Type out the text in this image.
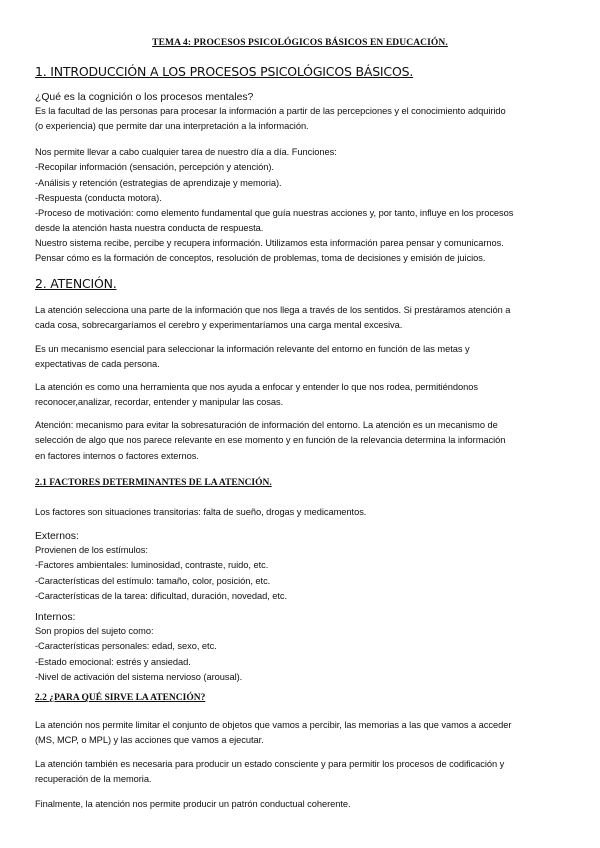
TEMA 4: PROCESOS PSICOLÓGICOS BÁSICOS EN EDUCACIÓN.
1. INTRODUCCIÓN A LOS PROCESOS PSICOLÓGICOS BÁSICOS.
¿Qué es la cognición o los procesos mentales?
Es la facultad de las personas para procesar la información a partir de las percepciones y el conocimiento adquirido
(o experiencia) que permite dar una interpretación a la información.
Nos permite llevar a cabo cualquier tarea de nuestro día a día. Funciones:
-Recopilar información (sensación, percepción y atención).
-Análisis y retención (estrategias de aprendizaje y memoria).
-Respuesta (conducta motora).
-Proceso de motivación: como elemento fundamental que guía nuestras acciones y, por tanto, influye en los procesos
desde la atención hasta nuestra conducta de respuesta.
Nuestro sistema recibe, percibe y recupera información. Utilizamos esta información parea pensar y comunicarnos.
Pensar cómo es la formación de conceptos, resolución de problemas, toma de decisiones y emisión de juicios.
2. ATENCIÓN.
La atención selecciona una parte de la información que nos llega a través de los sentidos. Si prestáramos atención a
cada cosa, sobrecargaríamos el cerebro y experimentaríamos una carga mental excesiva.
Es un mecanismo esencial para seleccionar la información relevante del entorno en función de las metas y
expectativas de cada persona.
La atención es como una herramienta que nos ayuda a enfocar y entender lo que nos rodea, permitiéndonos
reconocer,analizar, recordar, entender y manipular las cosas.
Atención: mecanismo para evitar la sobresaturación de información del entorno. La atención es un mecanismo de
selección de algo que nos parece relevante en ese momento y en función de la relevancia determina la información
en factores internos o factores externos.
2.1 FACTORES DETERMINANTES DE LA ATENCIÓN.
Los factores son situaciones transitorias: falta de sueño, drogas y medicamentos.
Externos:
Provienen de los estímulos:
-Factores ambientales: luminosidad, contraste, ruido, etc.
-Características del estímulo: tamaño, color, posición, etc.
-Características de la tarea: dificultad, duración, novedad, etc.
Internos:
Son propios del sujeto como:
-Características personales: edad, sexo, etc.
-Estado emocional: estrés y ansiedad.
-Nivel de activación del sistema nervioso (arousal).
2.2 ¿PARA QUÉ SIRVE LA ATENCIÓN?
La atención nos permite limitar el conjunto de objetos que vamos a percibir, las memorias a las que vamos a acceder
(MS, MCP, o MPL) y las acciones que vamos a ejecutar.
La atención también es necesaria para producir un estado consciente y para permitir los procesos de codificación y
recuperación de la memoria.
Finalmente, la atención nos permite producir un patrón conductual coherente.
